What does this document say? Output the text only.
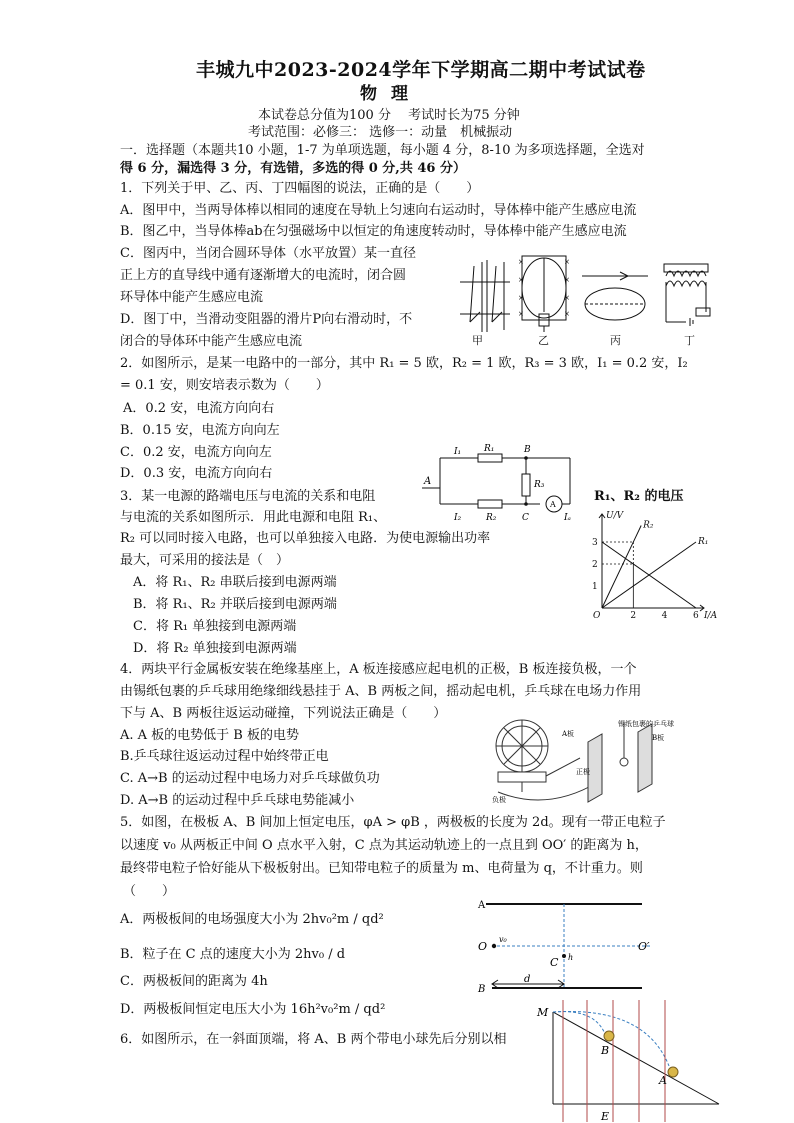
丰城九中2023-2024学年下学期高二期中考试试卷
物理
本试卷总分值为100 分　 考试时长为75 分钟
考试范围：必修三： 选修一：动量　机械振动
一．选择题（本题共10 小题，1-7 为单项选题，每小题 4 分，8-10 为多项选择题，全选对
得 6 分，漏选得 3 分，有选错，多选的得 0 分,共 46 分）
1．下列关于甲、乙、丙、丁四幅图的说法，正确的是（　　）
A．图甲中，当两导体棒以相同的速度在导轨上匀速向右运动时，导体棒中能产生感应电流
B．图乙中，当导体棒ab在匀强磁场中以恒定的角速度转动时，导体棒中能产生感应电流
C．图丙中，当闭合圆环导体（水平放置）某一直径
正上方的直导线中通有逐渐增大的电流时，闭合圆
环导体中能产生感应电流
D．图丁中，当滑动变阻器的滑片P向右滑动时，不
闭合的导体环中能产生感应电流
×	×
×	×
×	×
×	×
甲	乙	丙	丁
2．如图所示，是某一电路中的一部分，其中 R₁ = 5 欧，R₂ = 1 欧，R₃ = 3 欧，I₁ = 0.2 安，I₂
= 0.1 安，则安培表示数为（　　）
A．0.2 安，电流方向向右
B．0.15 安，电流方向向左
C．0.2 安，电流方向向左
D．0.3 安，电流方向向右
A
I₁	R₁	B
R₃
I₂	R₂	C
A
Iₐ
3．某一电源的路端电压与电流的关系和电阻	R₁、R₂ 的电压
与电流的关系如图所示．用此电源和电阻 R₁、
R₂ 可以同时接入电路，也可以单独接入电路．为使电源输出功率
最大，可采用的接法是（　）
A．将 R₁、R₂ 串联后接到电源两端
B．将 R₁、R₂ 并联后接到电源两端
C．将 R₁ 单独接到电源两端
D．将 R₂ 单独接到电源两端
2	4	6
1
2
3
O	I/A
U/V
R₂
R₁
4．两块平行金属板安装在绝缘基座上，A 板连接感应起电机的正极，B 板连接负极，一个
由锡纸包裹的乒乓球用绝缘细线悬挂于 A、B 两板之间，摇动起电机，乒乓球在电场力作用
下与 A、B 两板往返运动碰撞，下列说法正确是（　　）
A. A 板的电势低于 B 板的电势
B.乒乓球往返运动过程中始终带正电
C. A→B 的运动过程中电场力对乒乓球做负功
D. A→B 的运动过程中乒乓球电势能减小
A板
锡纸包裹的乒乓球
B板
正极
负极
5．如图，在极板 A、B 间加上恒定电压，φA > φB ，两极板的长度为 2d。现有一带正电粒子
以速度 v₀ 从两板正中间 O 点水平入射，C 点为其运动轨迹上的一点且到 OO′ 的距离为 h，
最终带电粒子恰好能从下极板射出。已知带电粒子的质量为 m、电荷量为 q，不计重力。则
（　　）
A．两极板间的电场强度大小为 2hv₀²m / qd²
B．粒子在 C 点的速度大小为 2hv₀ / d
C．两极板间的距离为 4h
D．两极板间恒定电压大小为 16h²v₀²m / qd²
A
O
v₀
O′
C h
B
d
6．如图所示，在一斜面顶端，将 A、B 两个带电小球先后分别以相
M
B
A
E
